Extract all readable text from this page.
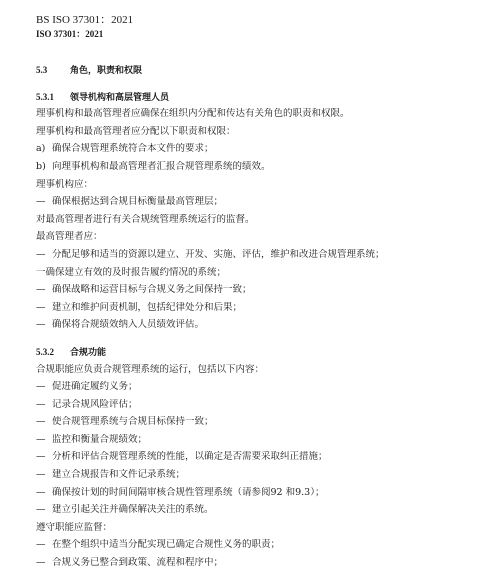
BS ISO 37301：2021
ISO 37301：2021
5.3	角色，职责和权限
5.3.1 领导机构和高层管理人员
理事机构和最高管理者应确保在组织内分配和传达有关角色的职责和权限。
理事机构和最高管理者应分配以下职责和权限：
a) 确保合规管理系统符合本文件的要求；
b) 向理事机构和最高管理者汇报合规管理系统的绩效。
理事机构应：
— 确保根据达到合规目标衡量最高管理层；
对最高管理者进行有关合规统管理系统运行的监督。
最高管理者应：
— 分配足够和适当的资源以建立、开发、实施、评估，维护和改进合规管理系统；
一确保建立有效的及时报告履约情况的系统；
— 确保战略和运营目标与合规义务之间保持一致；
— 建立和维护问责机制，包括纪律处分和后果；
— 确保将合规绩效纳入人员绩效评估。
5.3.2 合规功能
合规职能应负责合规管理系统的运行，包括以下内容：
— 促进确定履约义务；
— 记录合规风险评估；
— 使合规管理系统与合规目标保持一致；
— 监控和衡量合规绩效；
— 分析和评估合规管理系统的性能，以确定是否需要采取纠正措施；
— 建立合规报告和文件记录系统；
— 确保按计划的时间间隔审核合规性管理系统（请参阅92 和9.3）；
— 建立引起关注并确保解决关注的系统。
遵守职能应监督：
— 在整个组织中适当分配实现已确定合规性义务的职责；
— 合规义务已整合到政策、流程和程序中；
